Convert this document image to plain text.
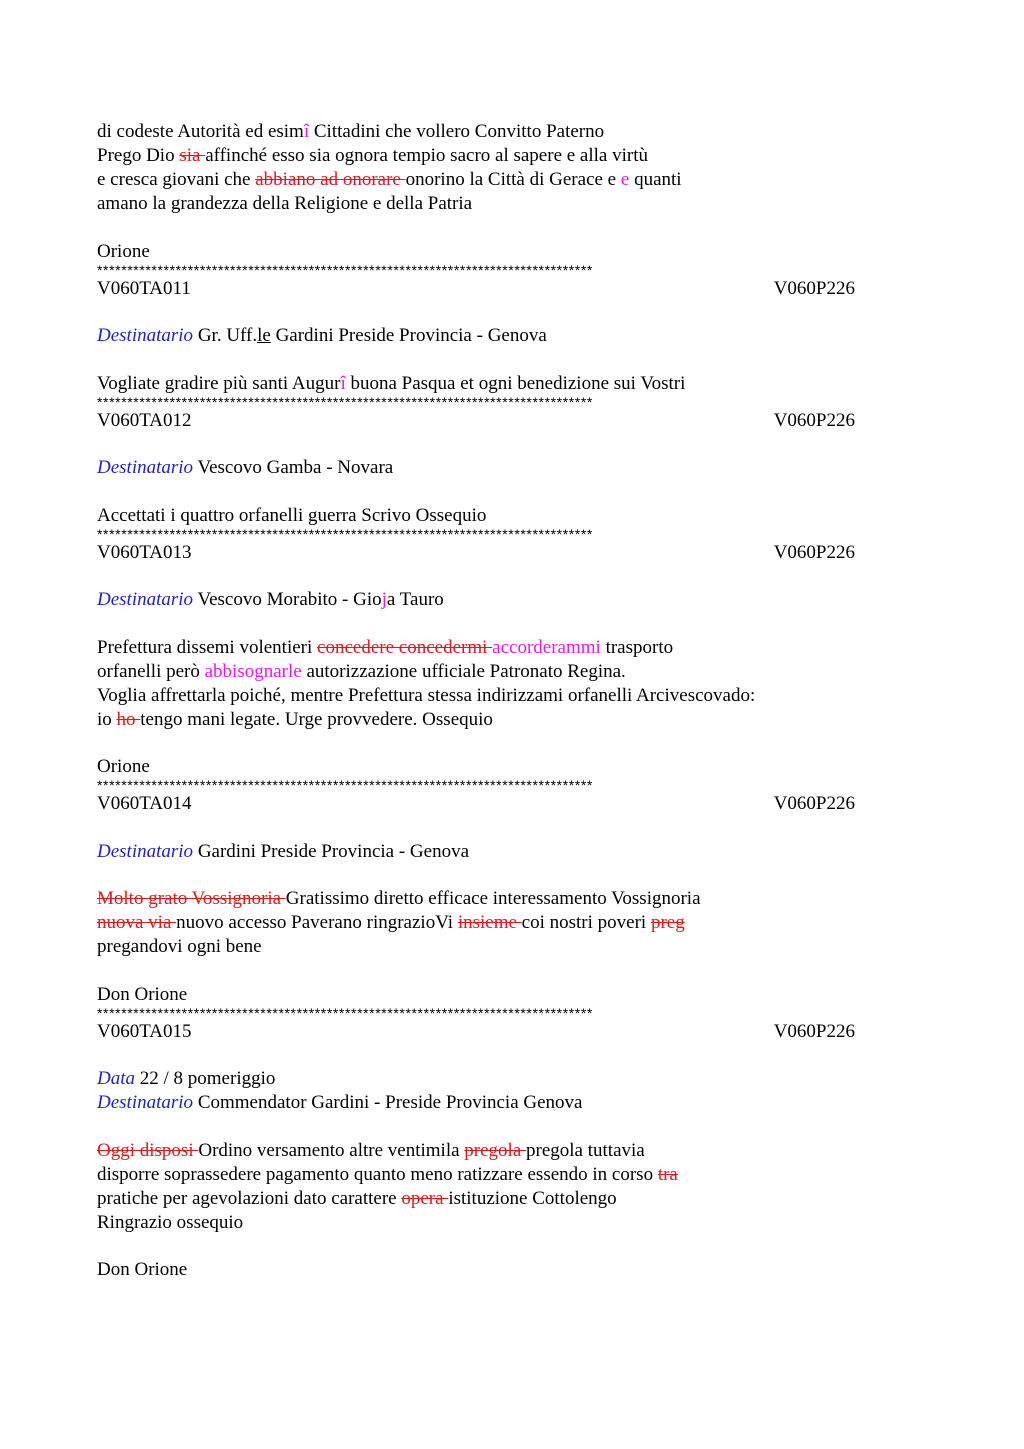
di codeste Autorità ed esimî Cittadini che vollero Convitto Paterno
Prego Dio sia affinché esso sia ognora tempio sacro al sapere e alla virtù
e cresca giovani che abbiano ad onorare onorino la Città di Gerace e e quanti
amano la grandezza della Religione e della Patria
Orione
**********************************************************************************
V060TA011	V060P226
Destinatario Gr. Uff.le Gardini Preside Provincia - Genova
Vogliate gradire più santi Augurî buona Pasqua et ogni benedizione sui Vostri
**********************************************************************************
V060TA012	V060P226
Destinatario Vescovo Gamba - Novara
Accettati i quattro orfanelli guerra Scrivo Ossequio
**********************************************************************************
V060TA013	V060P226
Destinatario Vescovo Morabito - Gioja Tauro
Prefettura dissemi volentieri concedere concedermi accorderammi trasporto
orfanelli però abbisognarle autorizzazione ufficiale Patronato Regina.
Voglia affrettarla poiché, mentre Prefettura stessa indirizzami orfanelli Arcivescovado:
io ho tengo mani legate. Urge provvedere. Ossequio
Orione
**********************************************************************************
V060TA014	V060P226
Destinatario Gardini Preside Provincia - Genova
Molto grato Vossignoria Gratissimo diretto efficace interessamento Vossignoria
nuova via nuovo accesso Paverano ringrazioVi insieme coi nostri poveri preg
pregandovi ogni bene
Don Orione
**********************************************************************************
V060TA015	V060P226
Data 22 / 8 pomeriggio
Destinatario Commendator Gardini - Preside Provincia Genova
Oggi disposi Ordino versamento altre ventimila pregola pregola tuttavia
disporre soprassedere pagamento quanto meno ratizzare essendo in corso tra
pratiche per agevolazioni dato carattere opera istituzione Cottolengo
Ringrazio ossequio
Don Orione
